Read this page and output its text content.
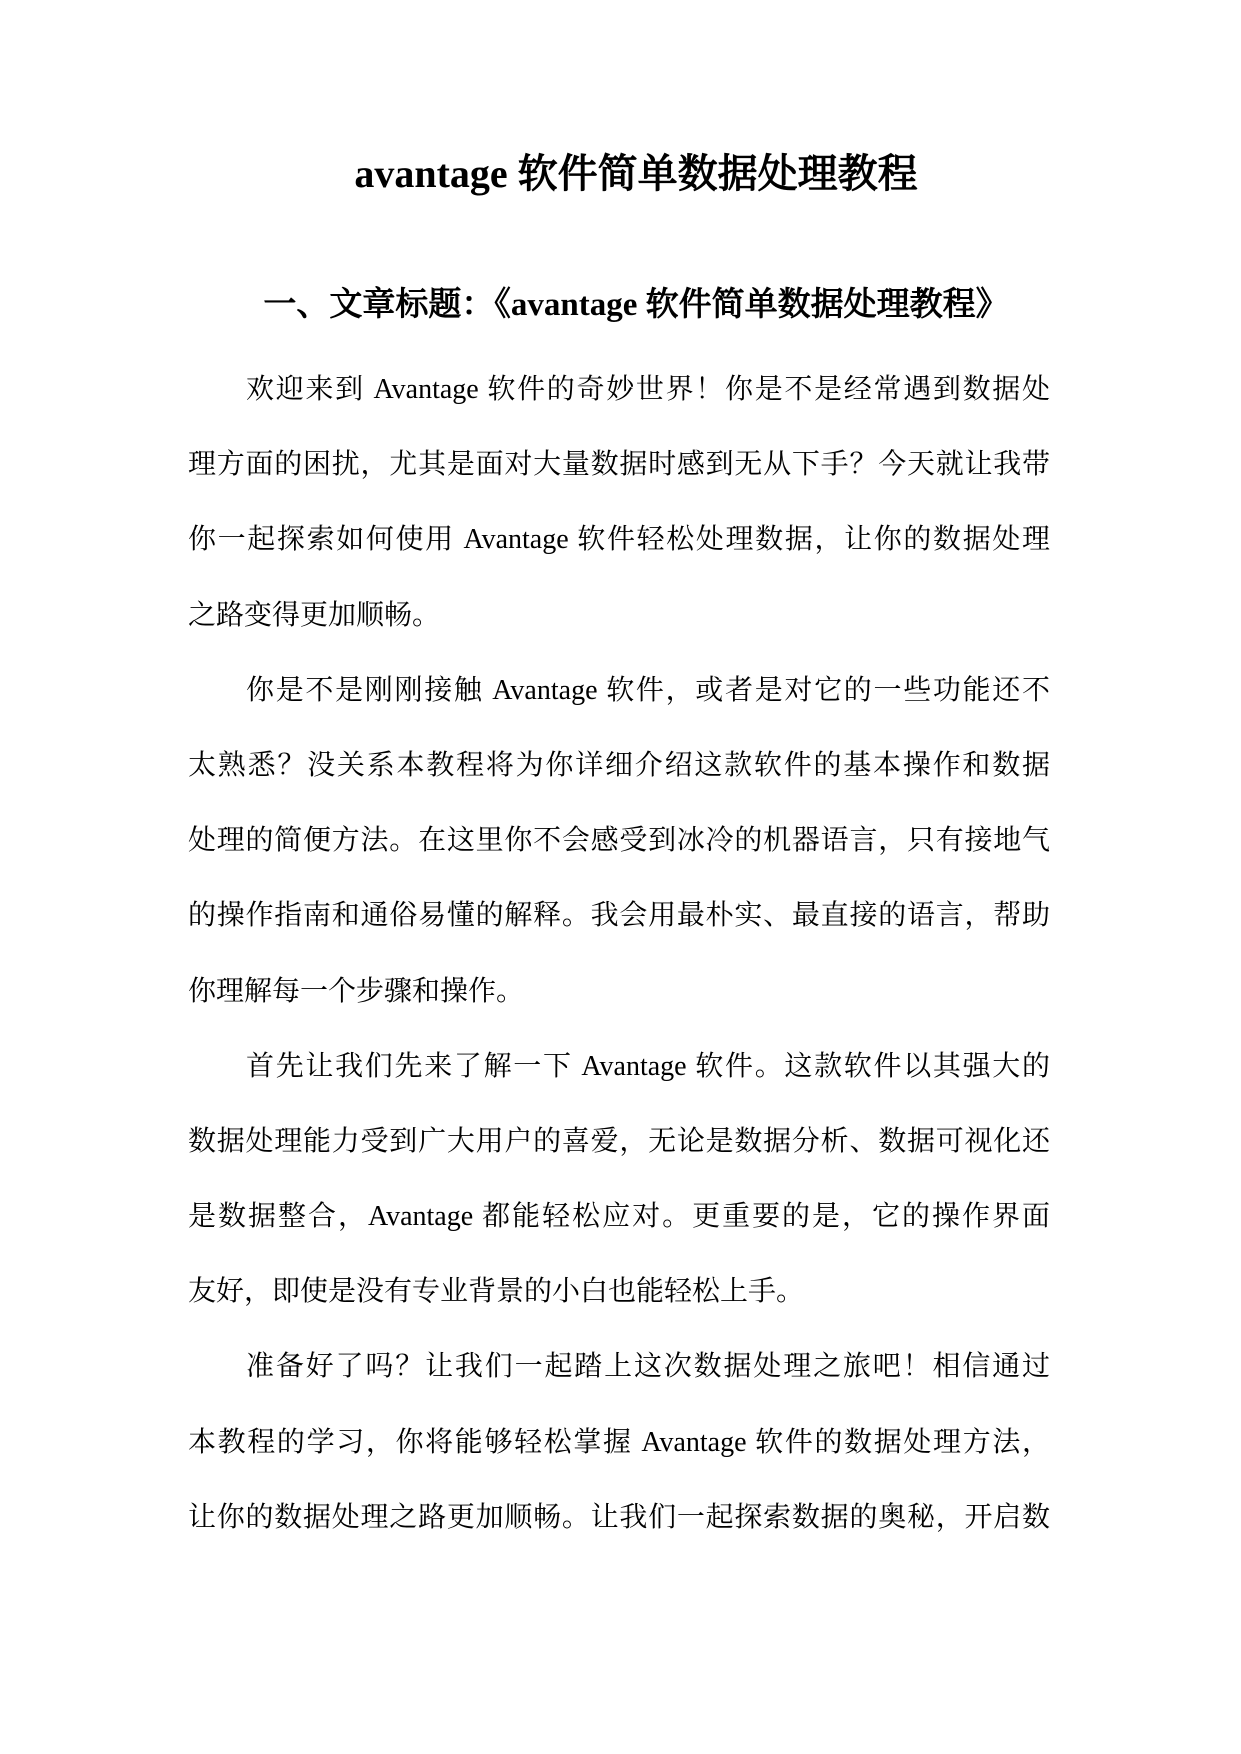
avantage 软件简单数据处理教程
一、文章标题：《avantage 软件简单数据处理教程》
欢迎来到 Avantage 软件的奇妙世界！你是不是经常遇到数据处
理方面的困扰，尤其是面对大量数据时感到无从下手？今天就让我带
你一起探索如何使用 Avantage 软件轻松处理数据，让你的数据处理
之路变得更加顺畅。
你是不是刚刚接触 Avantage 软件，或者是对它的一些功能还不
太熟悉？没关系本教程将为你详细介绍这款软件的基本操作和数据
处理的简便方法。在这里你不会感受到冰冷的机器语言，只有接地气
的操作指南和通俗易懂的解释。我会用最朴实、最直接的语言，帮助
你理解每一个步骤和操作。
首先让我们先来了解一下 Avantage 软件。这款软件以其强大的
数据处理能力受到广大用户的喜爱，无论是数据分析、数据可视化还
是数据整合，Avantage 都能轻松应对。更重要的是，它的操作界面
友好，即使是没有专业背景的小白也能轻松上手。
准备好了吗？让我们一起踏上这次数据处理之旅吧！相信通过
本教程的学习，你将能够轻松掌握 Avantage 软件的数据处理方法，
让你的数据处理之路更加顺畅。让我们一起探索数据的奥秘，开启数
